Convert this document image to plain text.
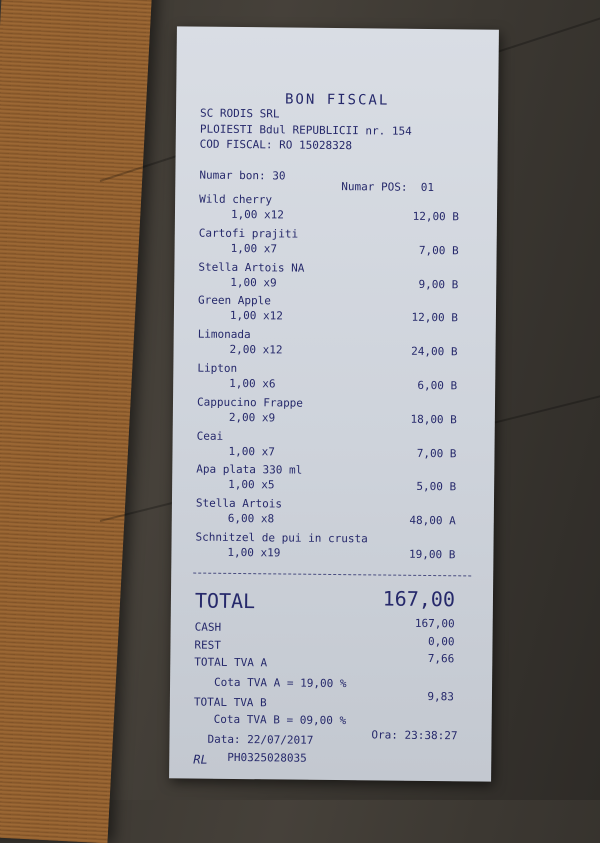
BON FISCAL
SC RODIS SRL
PLOIESTI Bdul REPUBLICII nr. 154
COD FISCAL: RO 15028328
Numar bon: 30
Numar POS:  01
Wild cherry
1,00 x12	12,00 B
Cartofi prajiti
1,00 x7	7,00 B
Stella Artois NA
1,00 x9	9,00 B
Green Apple
1,00 x12	12,00 B
Limonada
2,00 x12	24,00 B
Lipton
1,00 x6	6,00 B
Cappucino Frappe
2,00 x9	18,00 B
Ceai
1,00 x7	7,00 B
Apa plata 330 ml
1,00 x5	5,00 B
Stella Artois
6,00 x8	48,00 A
Schnitzel de pui in crusta
1,00 x19	19,00 B
TOTAL	167,00
CASH	167,00
REST	0,00
TOTAL TVA A	7,66
Cota TVA A = 19,00 %
TOTAL TVA B	9,83
Cota TVA B = 09,00 %
Data: 22/07/2017	Ora: 23:38:27
RL PH0325028035
